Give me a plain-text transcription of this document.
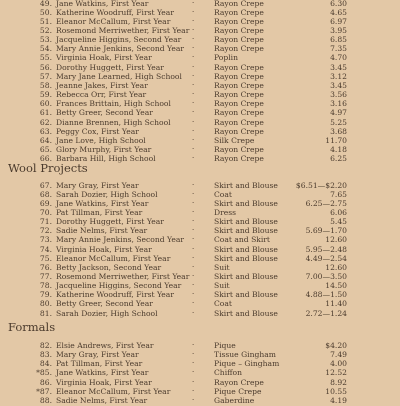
49. Jane Watkins, First Year	· Rayon Crepe	6.30
50. Katherine Woodruff, First Year	· Rayon Crepe	4.65
51. Eleanor McCallum, First Year	· Rayon Crepe	6.97
52. Rosemond Merriwether, First Year · Rayon Crepe	3.95
53. Jacqueline Higgins, Second Year · Rayon Crepe	6.85
54. Mary Annie Jenkins, Second Year · Rayon Crepe	7.35
55. Virginia Hoak, First Year	· Poplin	4.70
56. Dorothy Huggett, First Year	· Rayon Crepe	3.45
57. Mary Jane Learned, High School · Rayon Crepe	3.12
58. Jeanne Jakes, First Year	· Rayon Crepe	3.45
59. Rebecca Orr, First Year	· Rayon Crepe	3.56
60. Frances Brittain, High School	· Rayon Crepe	3.16
61. Betty Greer, Second Year	· Rayon Crepe	4.97
62. Dianne Brennen, High School	· Rayon Crepe	5.25
63. Peggy Cox, First Year	· Rayon Crepe	3.68
64. Jane Love, High School	· Silk Crepe	11.70
65. Glory Murphy, First Year	· Rayon Crepe	4.18
66. Barbara Hill, High School	· Rayon Crepe	6.25
Wool Projects
67. Mary Gray, First Year	· Skirt and Blouse	$6.51—$2.20
68. Sarah Dozier, High School	· Coat	7.65
69. Jane Watkins, First Year	· Skirt and Blouse	6.25—2.75
70. Pat Tillman, First Year	· Dress	6.06
71. Dorothy Huggett, First Year	· Skirt and Blouse	5.45
72. Sadie Nelms, First Year	· Skirt and Blouse	5.69—1.70
73. Mary Annie Jenkins, Second Year · Coat and Skirt	12.60
74. Virginia Hoak, First Year	· Skirt and Blouse	5.95—2.48
75. Eleanor McCallum, First Year	· Skirt and Blouse	4.49—2.54
76. Betty Jackson, Second Year	· Suit	12.60
77. Rosemond Merriwether, First Year · Skirt and Blouse	7.00—3.50
78. Jacqueline Higgins, Second Year · Suit	14.50
79. Katherine Woodruff, First Year	· Skirt and Blouse	4.88—1.50
80. Betty Greer, Second Year	· Coat	11.40
81. Sarah Dozier, High School	· Skirt and Blouse	2.72—1.24
Formals
82. Elsie Andrews, First Year	· Pique	$4.20
83. Mary Gray, First Year	· Tissue Gingham	7.49
84. Pat Tillman, First Year	· Pique – Gingham	4.00
*85. Jane Watkins, First Year	· Chiffon	12.52
86. Virginia Hoak, First Year	· Rayon Crepe	8.92
*87. Eleanor McCallum, First Year	· Pique Crepe	10.55
88. Sadie Nelms, First Year	· Gaberdine	4.19
